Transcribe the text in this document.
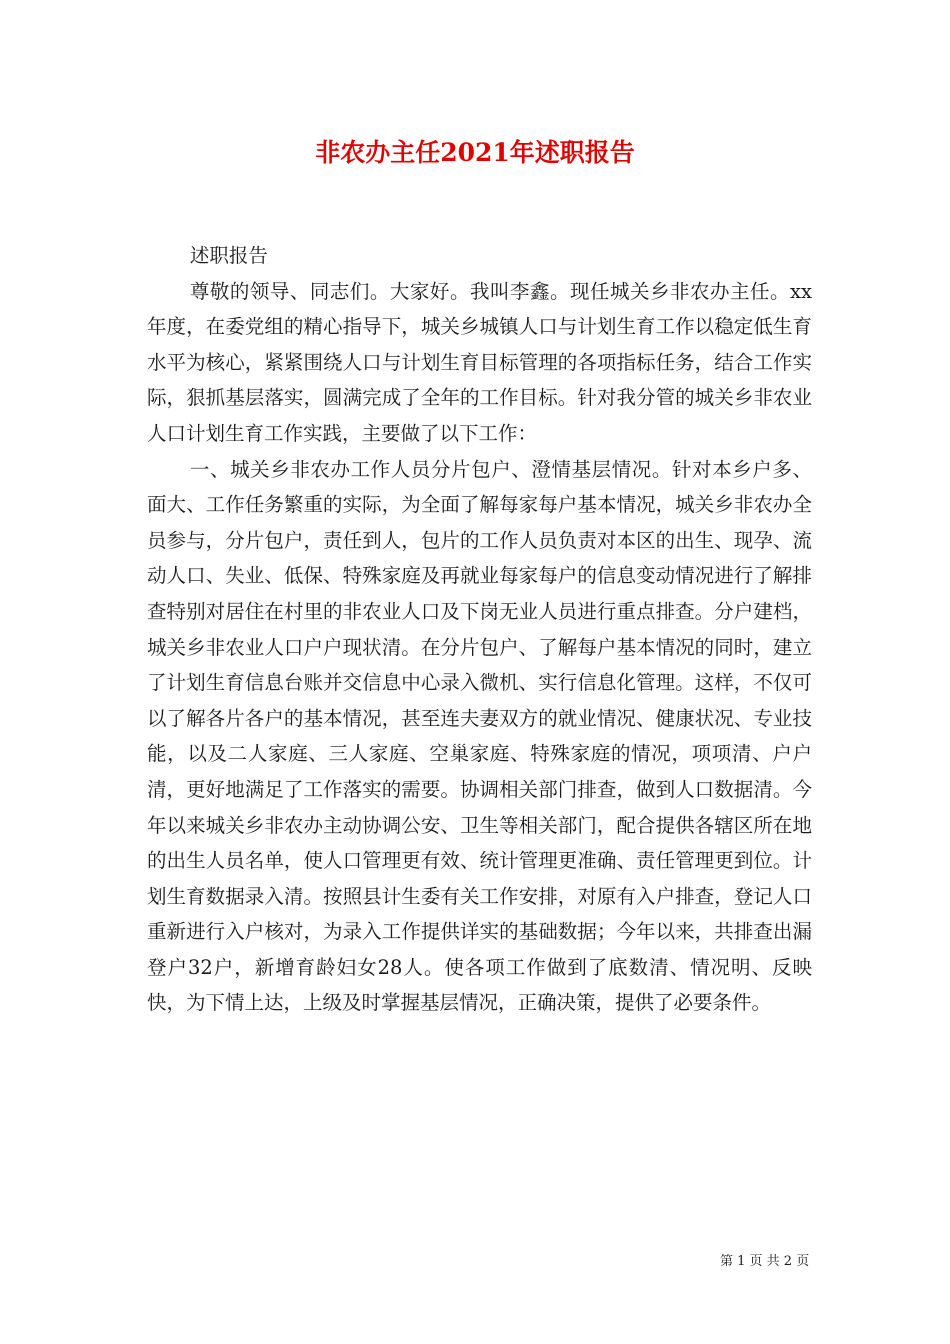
非农办主任2021年述职报告

述职报告

尊敬的领导、同志们。大家好。我叫李鑫。现任城关乡非农办主任。xx年度，在委党组的精心指导下，城关乡城镇人口与计划生育工作以稳定低生育水平为核心，紧紧围绕人口与计划生育目标管理的各项指标任务，结合工作实际，狠抓基层落实，圆满完成了全年的工作目标。针对我分管的城关乡非农业人口计划生育工作实践，主要做了以下工作：

一、城关乡非农办工作人员分片包户、澄情基层情况。针对本乡户多、面大、工作任务繁重的实际，为全面了解每家每户基本情况，城关乡非农办全员参与，分片包户，责任到人，包片的工作人员负责对本区的出生、现孕、流动人口、失业、低保、特殊家庭及再就业每家每户的信息变动情况进行了解排查特别对居住在村里的非农业人口及下岗无业人员进行重点排查。分户建档，城关乡非农业人口户户现状清。在分片包户、了解每户基本情况的同时，建立了计划生育信息台账并交信息中心录入微机、实行信息化管理。这样，不仅可以了解各片各户的基本情况，甚至连夫妻双方的就业情况、健康状况、专业技能，以及二人家庭、三人家庭、空巢家庭、特殊家庭的情况，项项清、户户清，更好地满足了工作落实的需要。协调相关部门排查，做到人口数据清。今年以来城关乡非农办主动协调公安、卫生等相关部门，配合提供各辖区所在地的出生人员名单，使人口管理更有效、统计管理更准确、责任管理更到位。计划生育数据录入清。按照县计生委有关工作安排，对原有入户排查，登记人口重新进行入户核对，为录入工作提供详实的基础数据；今年以来，共排查出漏登户32户，新增育龄妇女28人。使各项工作做到了底数清、情况明、反映快，为下情上达，上级及时掌握基层情况，正确决策，提供了必要条件。

第 1 页 共 2 页
